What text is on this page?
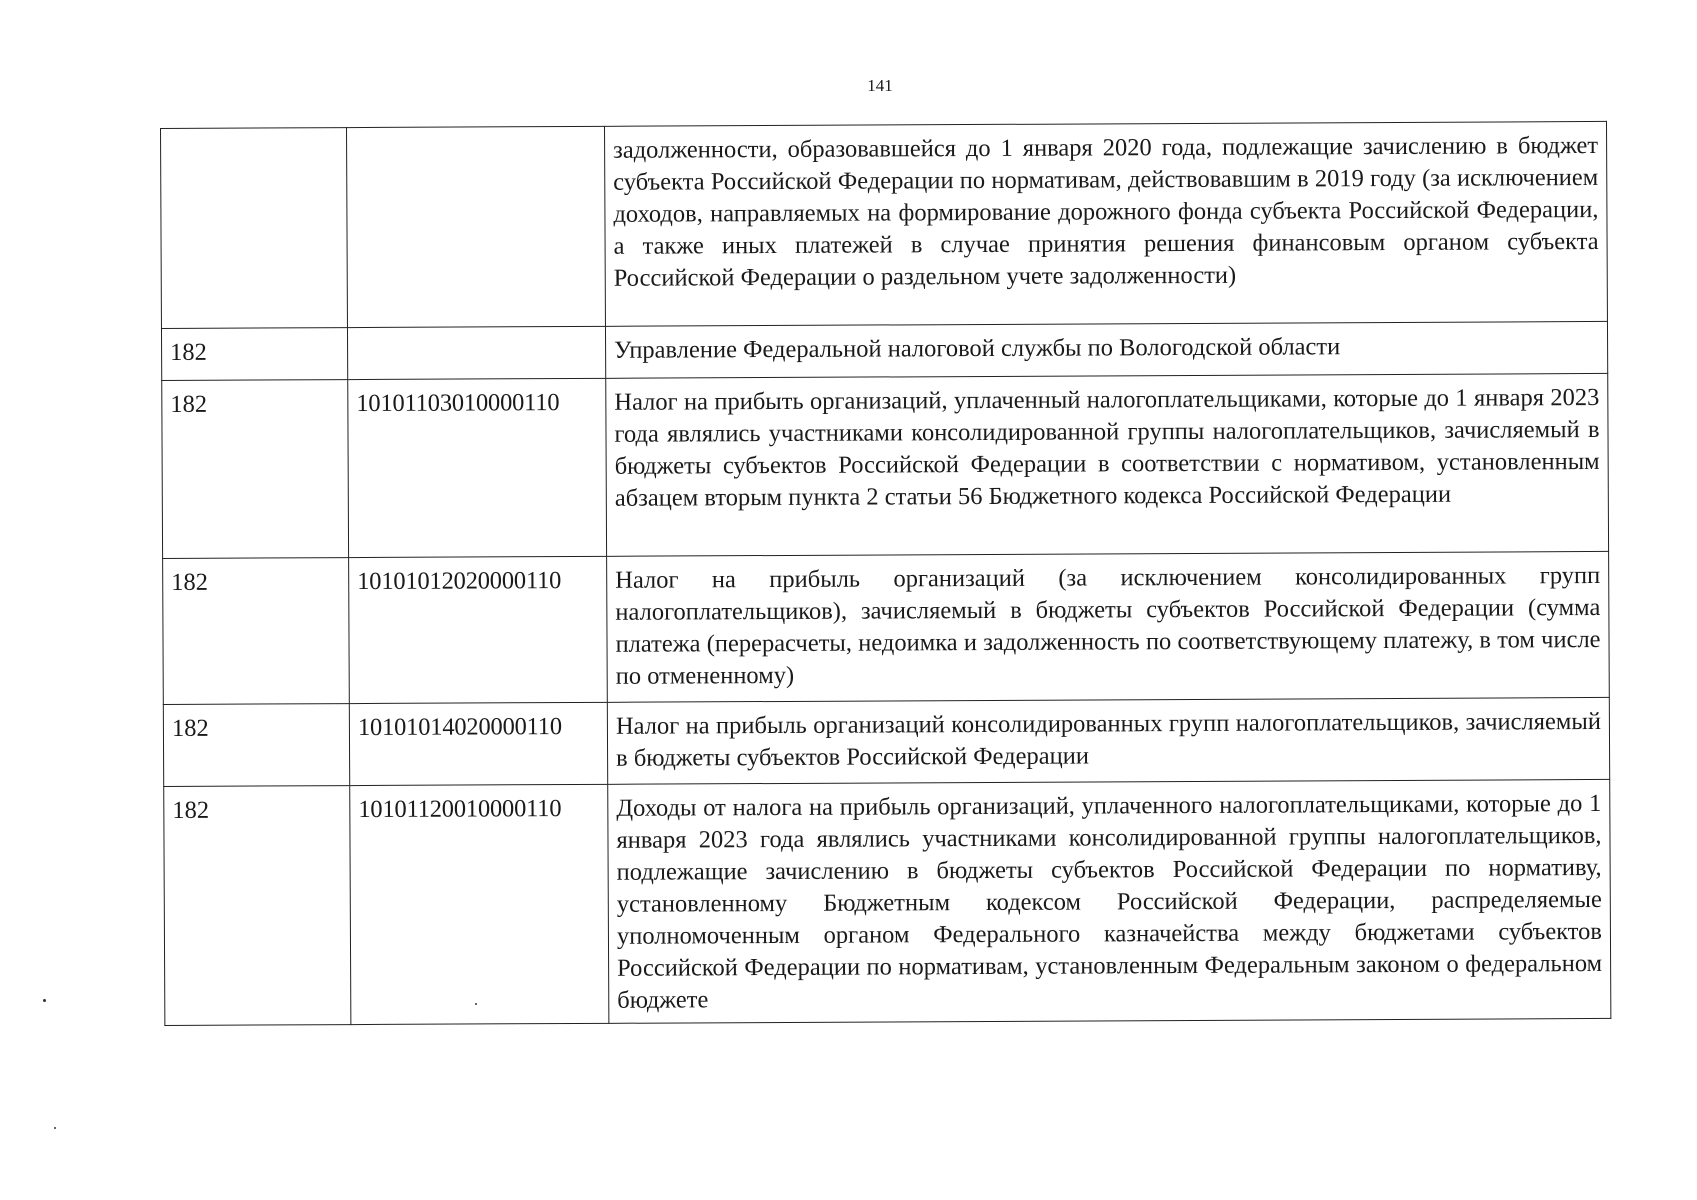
141
		задолженности, образовавшейся до 1 января 2020 года, подлежащие зачислению в бюджет субъекта Российской Федерации по нормативам, действовавшим в 2019 году (за исключением доходов, направляемых на формирование дорожного фонда субъекта Российской Федерации, а также иных платежей в случае принятия решения финансовым органом субъекта Российской Федерации о раздельном учете задолженности)
182		Управление Федеральной налоговой службы по Вологодской области
182	10101103010000110	Налог на прибыть организаций, уплаченный налогоплательщиками, которые до 1 января 2023 года являлись участниками консолидированной группы налогоплательщиков, зачисляемый в бюджеты субъектов Российской Федерации в соответствии с нормативом, установленным абзацем вторым пункта 2 статьи 56 Бюджетного кодекса Российской Федерации
182	10101012020000110	Налог на прибыль организаций (за исключением консолидированных групп налогоплательщиков), зачисляемый в бюджеты субъектов Российской Федерации (сумма платежа (перерасчеты, недоимка и задолженность по соответствующему платежу, в том числе по отмененному)
182	10101014020000110	Налог на прибыль организаций консолидированных групп налогоплательщиков, зачисляемый в бюджеты субъектов Российской Федерации
182	10101120010000110	Доходы от налога на прибыль организаций, уплаченного налогоплательщиками, которые до 1 января 2023 года являлись участниками консолидированной группы налогоплательщиков, подлежащие зачислению в бюджеты субъектов Российской Федерации по нормативу, установленному Бюджетным кодексом Российской Федерации, распределяемые уполномоченным органом Федерального казначейства между бюджетами субъектов Российской Федерации по нормативам, установленным Федеральным законом о федеральном бюджете
